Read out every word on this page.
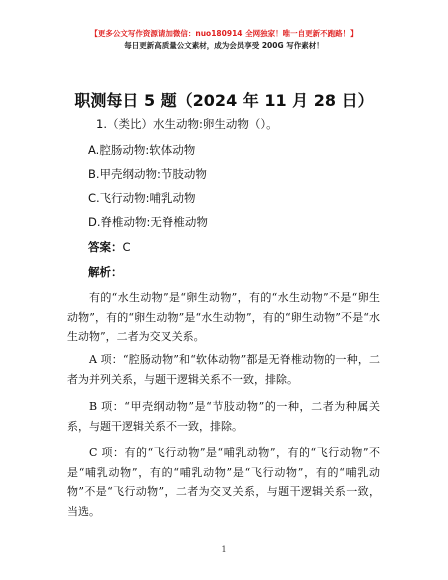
【更多公文写作资源请加微信：nuo180914 全网独家！唯一自更新不跑路！】
每日更新高质量公文素材，成为会员享受 200G 写作素材！
职测每日 5 题（2024 年 11 月 28 日）
1.（类比）水生动物:卵生动物（）。
A.腔肠动物:软体动物
B.甲壳纲动物:节肢动物
C.飞行动物:哺乳动物
D.脊椎动物:无脊椎动物
答案：C
解析：
有的“水生动物”是“卵生动物”，有的“水生动物”不是“卵生动物”，有的“卵生动物”是“水生动物”，有的“卵生动物”不是“水生动物”，二者为交叉关系。
A 项：“腔肠动物”和“软体动物”都是无脊椎动物的一种，二者为并列关系，与题干逻辑关系不一致，排除。
B 项：“甲壳纲动物”是“节肢动物”的一种，二者为种属关系，与题干逻辑关系不一致，排除。
C 项：有的“飞行动物”是“哺乳动物”，有的“飞行动物”不是“哺乳动物”，有的“哺乳动物”是“飞行动物”，有的“哺乳动物”不是“飞行动物”，二者为交叉关系，与题干逻辑关系一致，当选。
1
